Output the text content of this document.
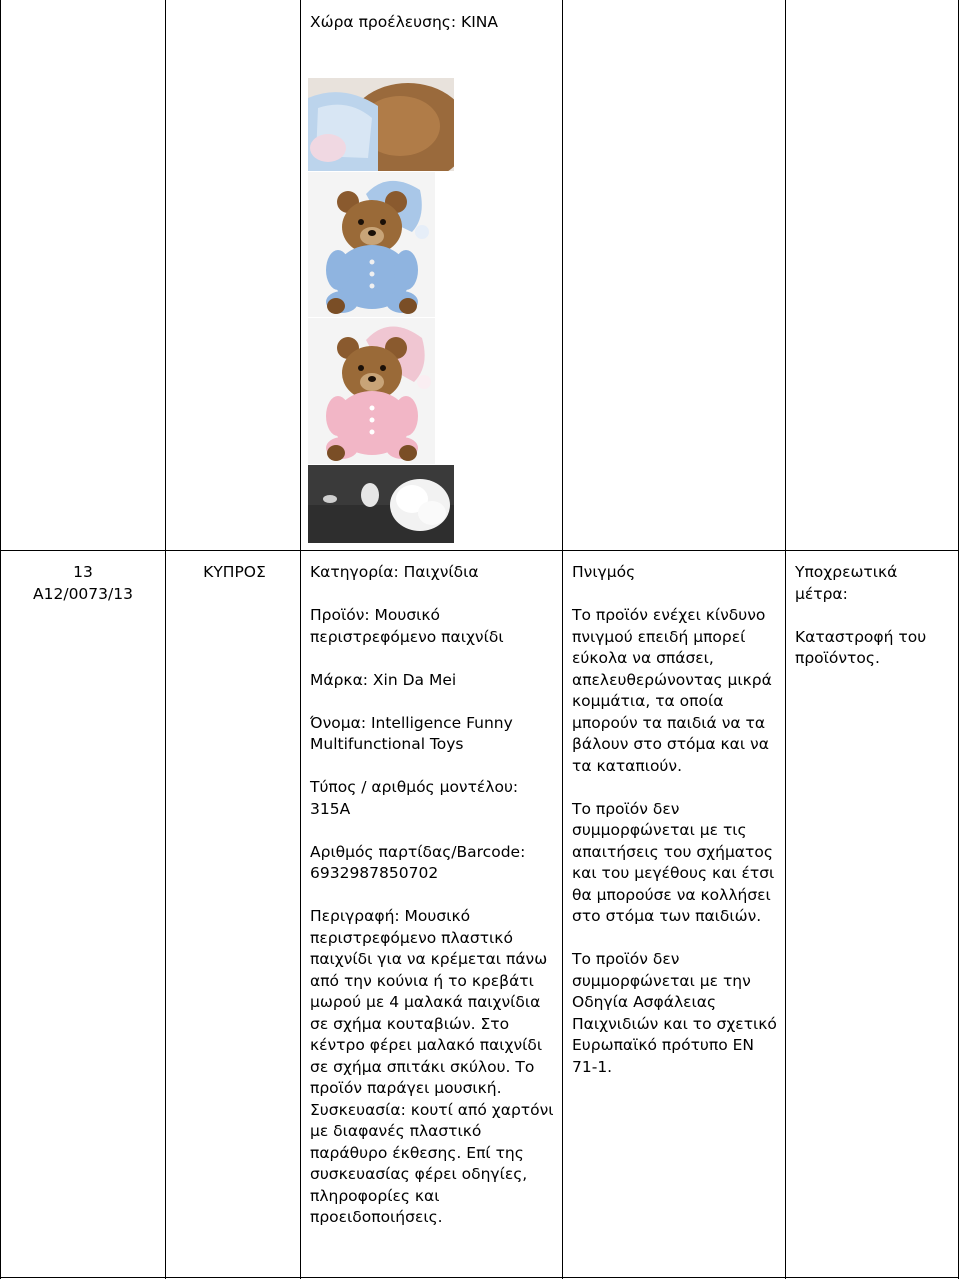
Χώρα προέλευσης: ΚΙΝΑ
13
A12/0073/13
ΚΥΠΡΟΣ	Κατηγορία: Παιχνίδια

Προϊόν: Μουσικό περιστρεφόμενο παιχνίδι

Μάρκα: Xin Da Mei

Όνομα: Intelligence Funny Multifunctional Toys

Τύπος / αριθμός μοντέλου: 315A

Αριθμός παρτίδας/Barcode: 6932987850702

Περιγραφή: Μουσικό περιστρεφόμενο πλαστικό παιχνίδι για να κρέμεται πάνω από την κούνια ή το κρεβάτι μωρού με 4 μαλακά παιχνίδια σε σχήμα κουταβιών. Στο κέντρο φέρει μαλακό παιχνίδι σε σχήμα σπιτάκι σκύλου. Το προϊόν παράγει μουσική. Συσκευασία: κουτί από χαρτόνι με διαφανές πλαστικό παράθυρο έκθεσης. Επί της συσκευασίας φέρει οδηγίες, πληροφορίες και προειδοποιήσεις.

Πνιγμός

Το προϊόν ενέχει κίνδυνο πνιγμού επειδή μπορεί εύκολα να σπάσει, απελευθερώνοντας μικρά κομμάτια, τα οποία μπορούν τα παιδιά να τα βάλουν στο στόμα και να τα καταπιούν.

Το προϊόν δεν συμμορφώνεται με τις απαιτήσεις του σχήματος και του μεγέθους και έτσι θα μπορούσε να κολλήσει στο στόμα των παιδιών.

Το προϊόν δεν συμμορφώνεται με την Οδηγία Ασφάλειας Παιχνιδιών και το σχετικό Ευρωπαϊκό πρότυπο ΕΝ 71-1.

Υποχρεωτικά μέτρα:

Καταστροφή του προϊόντος.
